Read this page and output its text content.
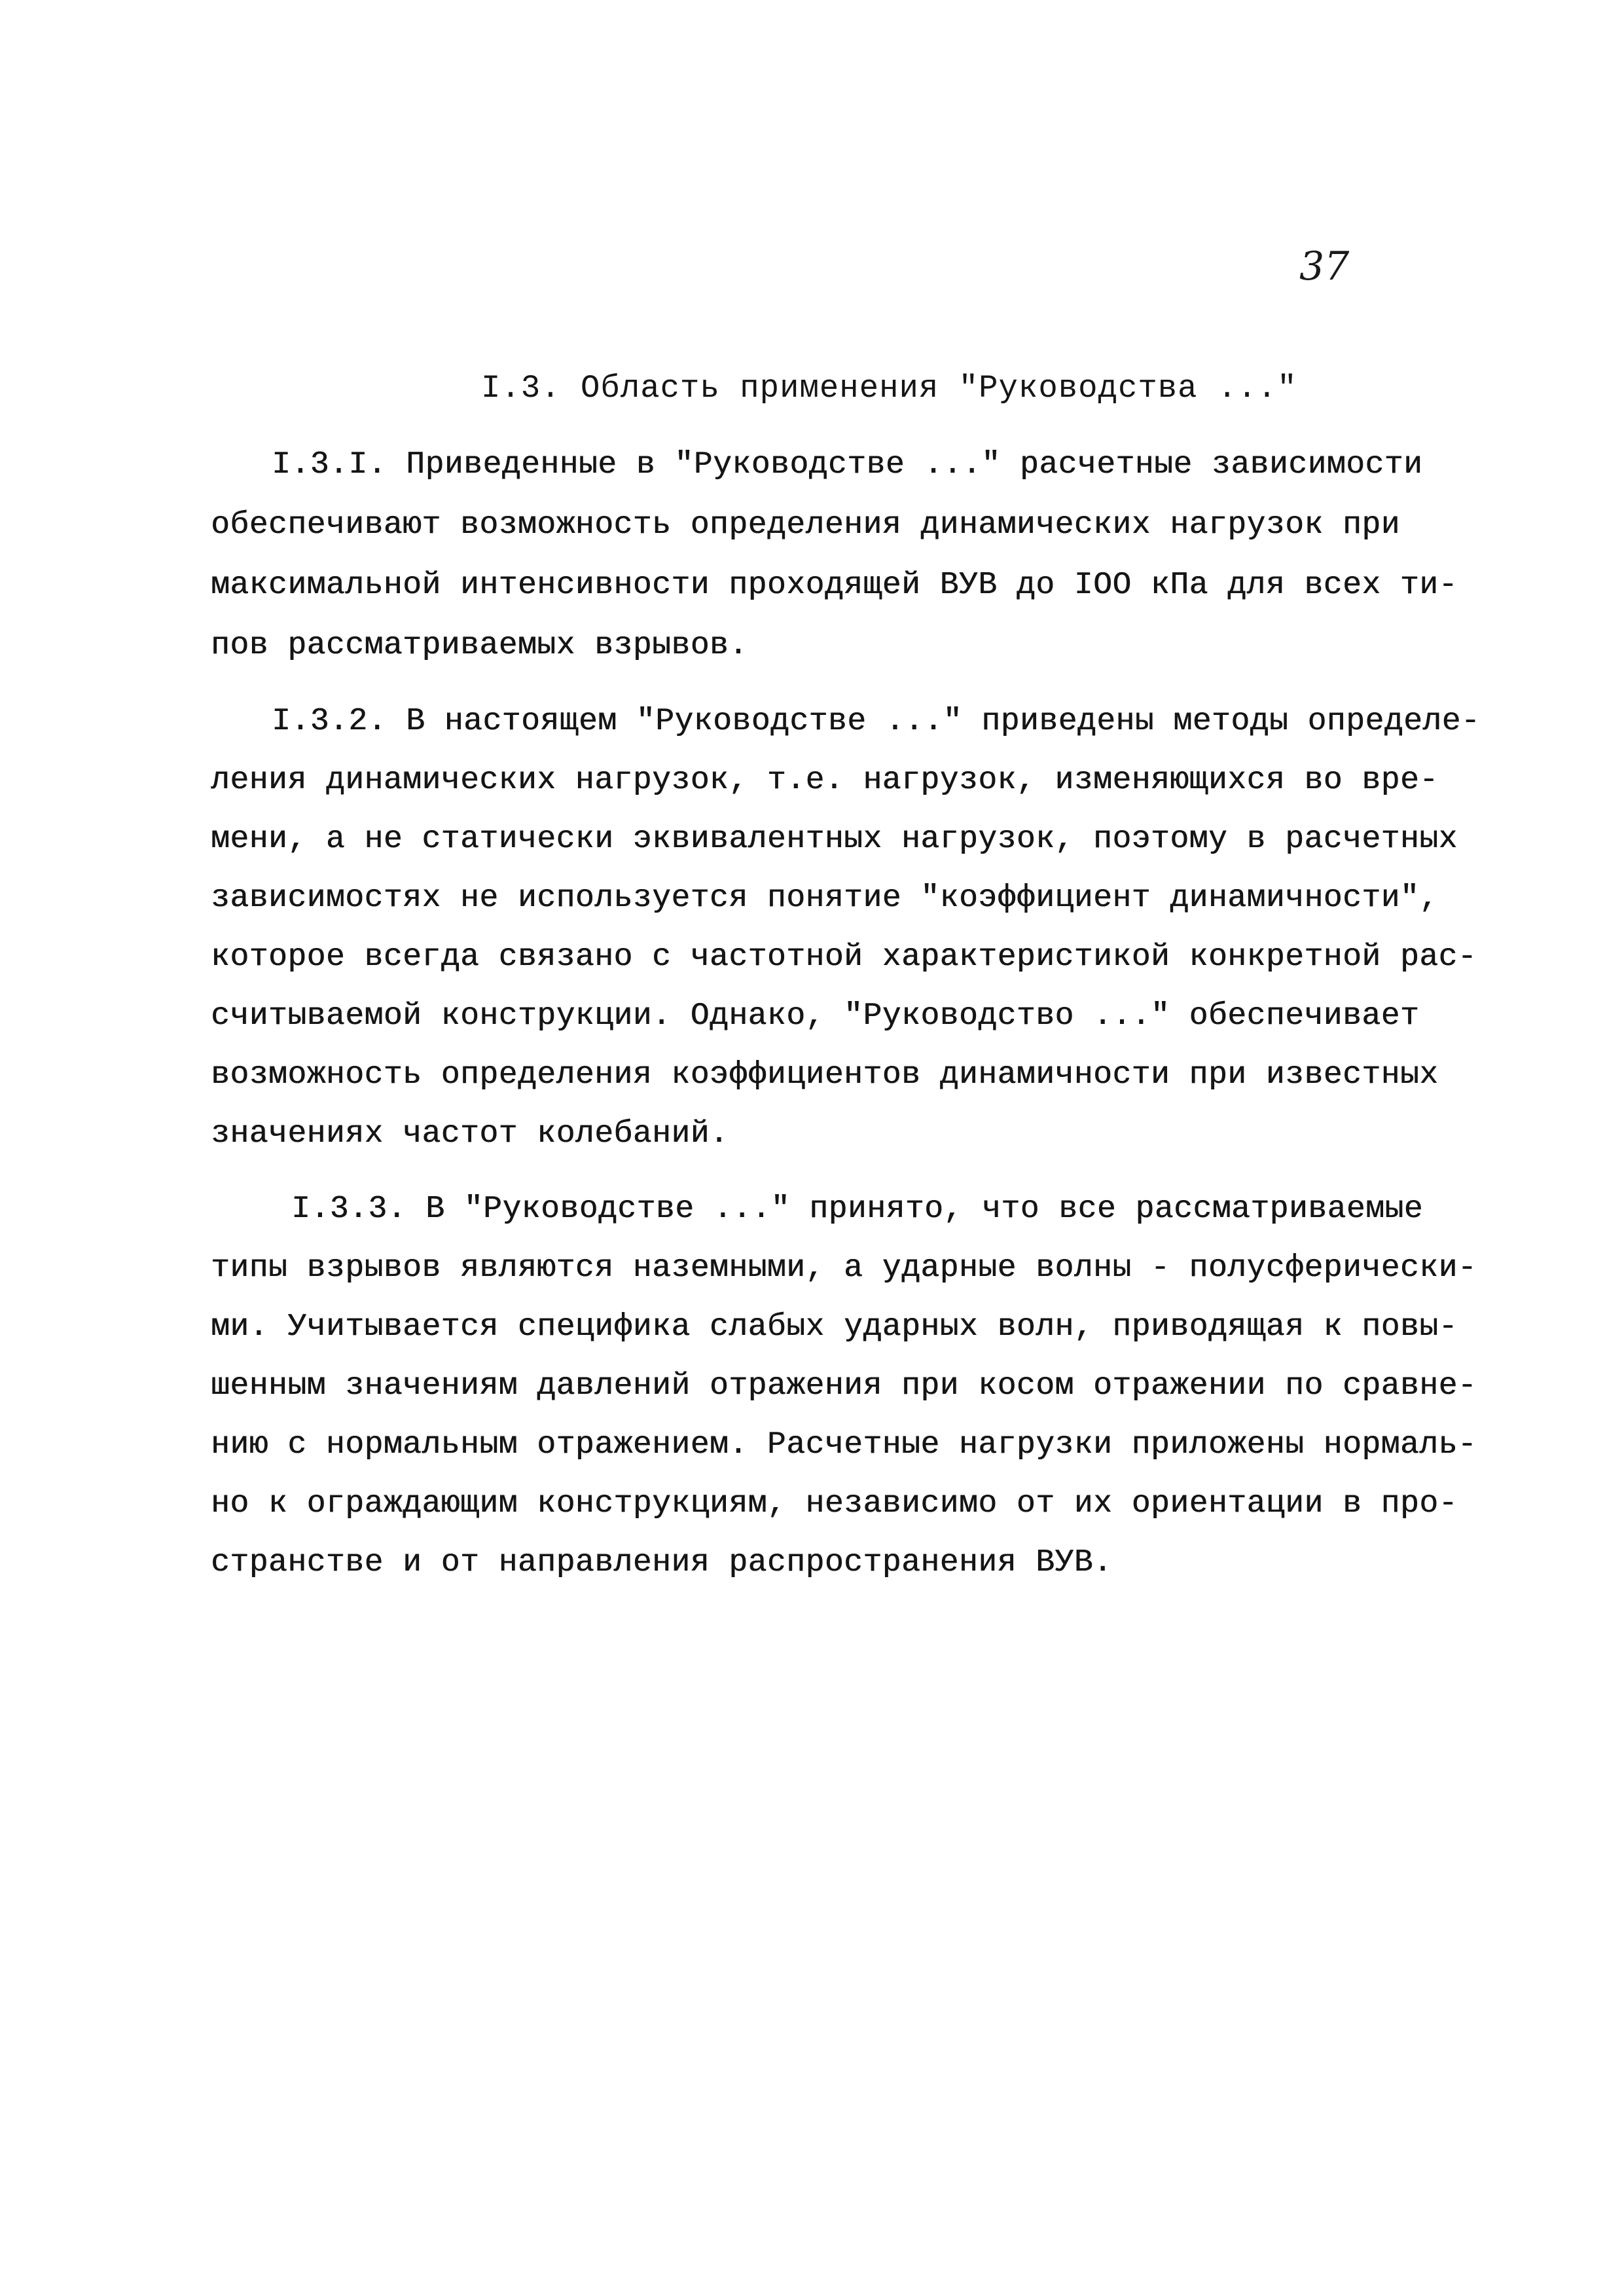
37
I.3. Область применения "Руководства ..."
I.3.I. Приведенные в "Руководстве ..." расчетные зависимости
обеспечивают возможность определения динамических нагрузок при
максимальной интенсивности проходящей ВУВ до IОО кПа для всех ти-
пов рассматриваемых взрывов.
I.3.2. В настоящем "Руководстве ..." приведены методы определе-
ления динамических нагрузок, т.е. нагрузок, изменяющихся во вре-
мени, а не статически эквивалентных нагрузок, поэтому в расчетных
зависимостях не используется понятие "коэффициент динамичности",
которое всегда связано с частотной характеристикой конкретной рас-
считываемой конструкции. Однако, "Руководство ..." обеспечивает
возможность определения коэффициентов динамичности при известных
значениях частот колебаний.
I.3.3. В "Руководстве ..." принято, что все рассматриваемые
типы взрывов являются наземными, а ударные волны - полусферически-
ми. Учитывается специфика слабых ударных волн, приводящая к повы-
шенным значениям давлений отражения при косом отражении по сравне-
нию с нормальным отражением. Расчетные нагрузки приложены нормаль-
но к ограждающим конструкциям, независимо от их ориентации в про-
странстве и от направления распространения ВУВ.
